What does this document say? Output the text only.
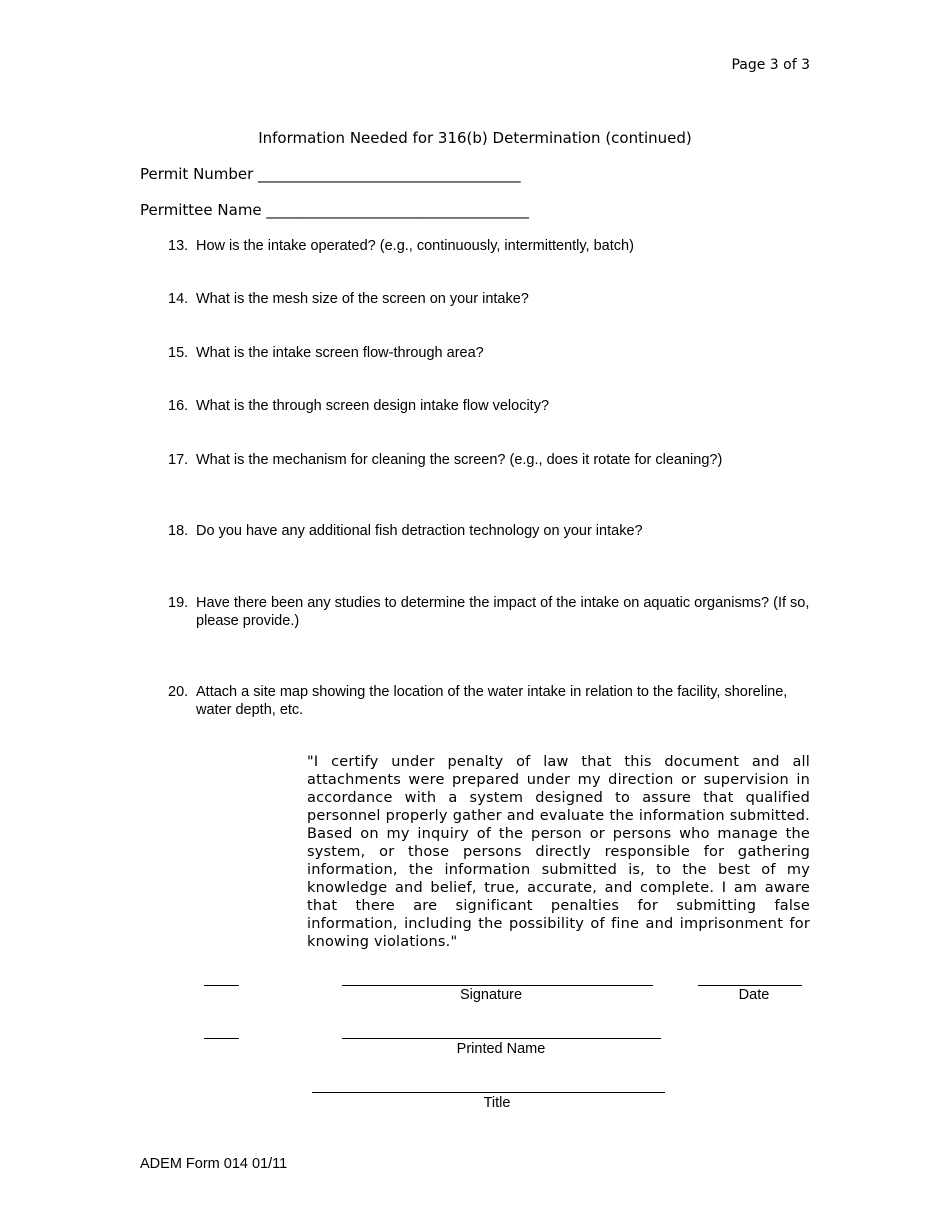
Page 3 of 3
Information Needed for 316(b) Determination (continued)
Permit Number ___________________________________
Permittee Name ___________________________________
13. How is the intake operated? (e.g., continuously, intermittently, batch)
14. What is the mesh size of the screen on your intake?
15. What is the intake screen flow-through area?
16. What is the through screen design intake flow velocity?
17. What is the mechanism for cleaning the screen? (e.g., does it rotate for cleaning?)
18. Do you have any additional fish detraction technology on your intake?
19. Have there been any studies to determine the impact of the intake on aquatic organisms? (If so, please provide.)
20. Attach a site map showing the location of the water intake in relation to the facility, shoreline, water depth, etc.
"I certify under penalty of law that this document and all attachments were prepared under my direction or supervision in accordance with a system designed to assure that qualified personnel properly gather and evaluate the information submitted. Based on my inquiry of the person or persons who manage the system, or those persons directly responsible for gathering information, the information submitted is, to the best of my knowledge and belief, true, accurate, and complete. I am aware that there are significant penalties for submitting false information, including the possibility of fine and imprisonment for knowing violations."
Signature	Date
Printed Name
Title
ADEM Form 014 01/11
